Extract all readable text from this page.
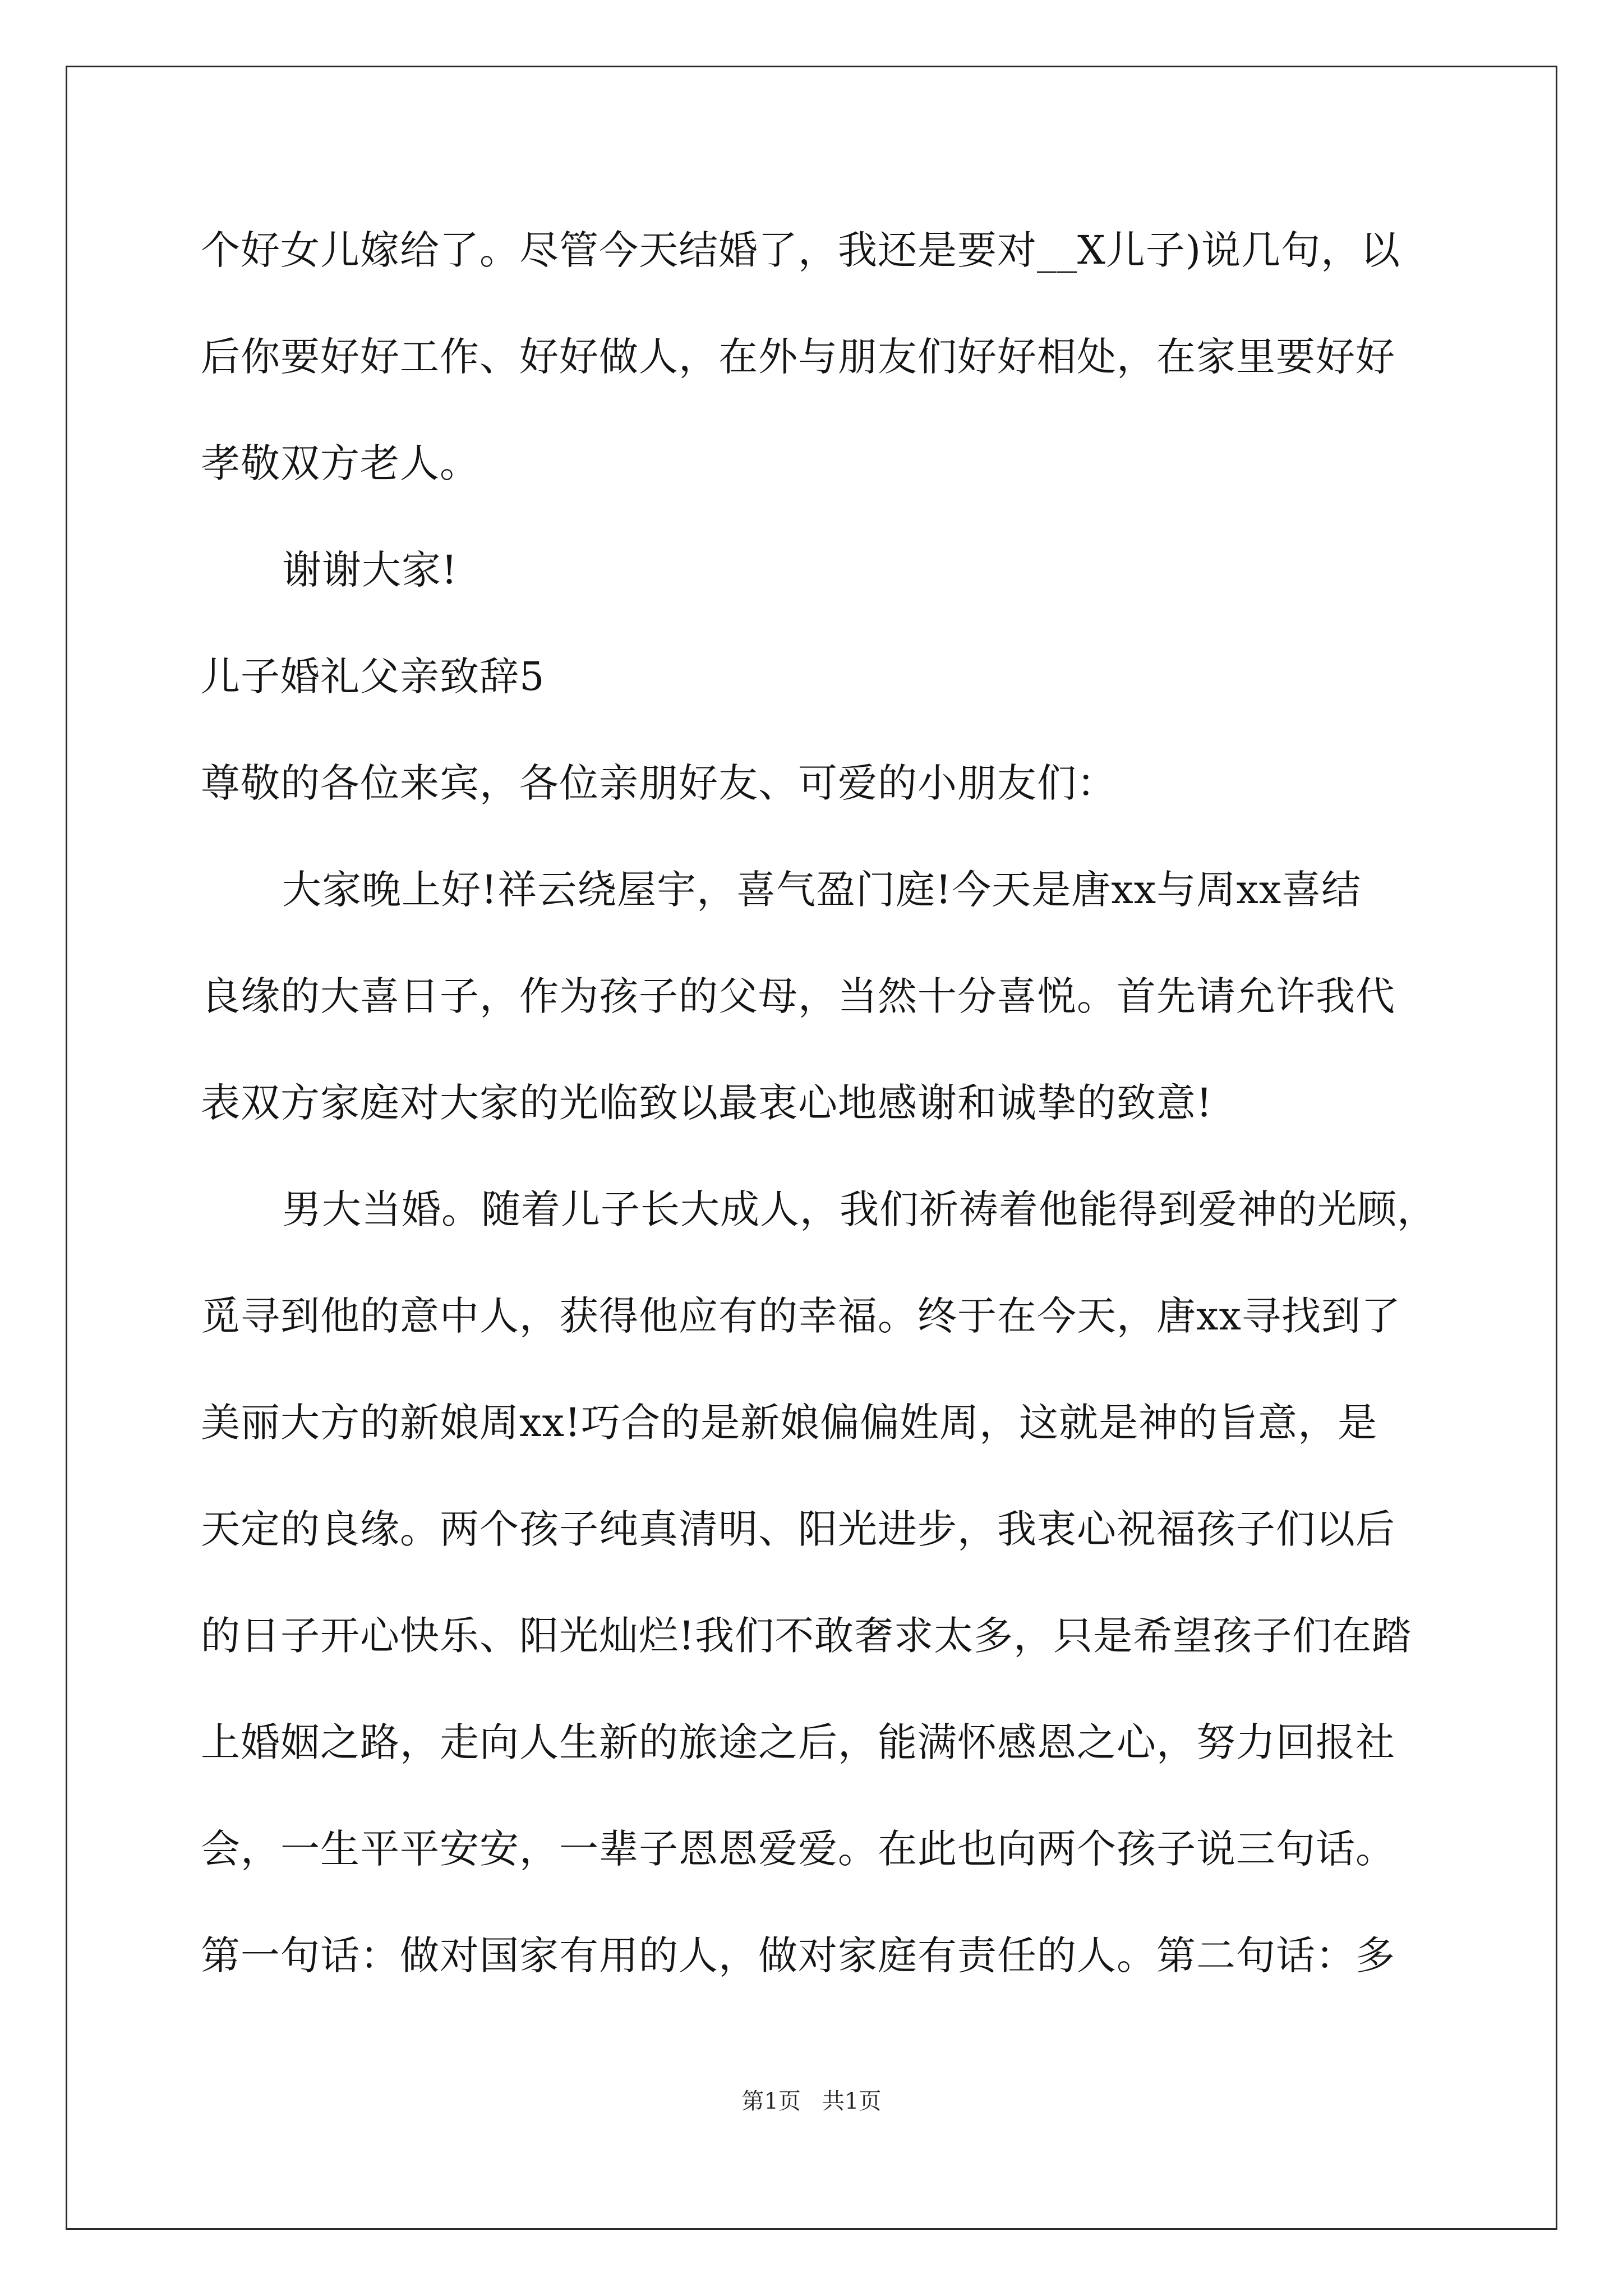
个好女儿嫁给了。尽管今天结婚了，我还是要对__X儿子)说几句，以
后你要好好工作、好好做人，在外与朋友们好好相处，在家里要好好
孝敬双方老人。
谢谢大家!
儿子婚礼父亲致辞5
尊敬的各位来宾，各位亲朋好友、可爱的小朋友们：
大家晚上好!祥云绕屋宇，喜气盈门庭!今天是唐xx与周xx喜结
良缘的大喜日子，作为孩子的父母，当然十分喜悦。首先请允许我代
表双方家庭对大家的光临致以最衷心地感谢和诚挚的致意!
男大当婚。随着儿子长大成人，我们祈祷着他能得到爱神的光顾，
觅寻到他的意中人，获得他应有的幸福。终于在今天，唐xx寻找到了
美丽大方的新娘周xx!巧合的是新娘偏偏姓周，这就是神的旨意，是
天定的良缘。两个孩子纯真清明、阳光进步，我衷心祝福孩子们以后
的日子开心快乐、阳光灿烂!我们不敢奢求太多，只是希望孩子们在踏
上婚姻之路，走向人生新的旅途之后，能满怀感恩之心，努力回报社
会，一生平平安安，一辈子恩恩爱爱。在此也向两个孩子说三句话。
第一句话：做对国家有用的人，做对家庭有责任的人。第二句话：多
第1页   共1页
